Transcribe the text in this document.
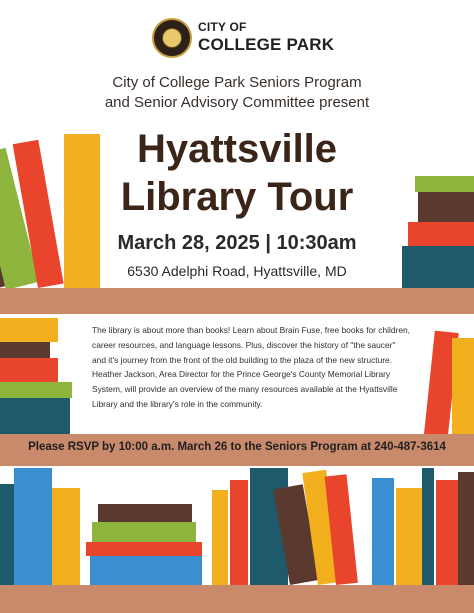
CITY OF
COLLEGE PARK
City of College Park Seniors Program
and Senior Advisory Committee present
Hyattsville
Library Tour
March 28, 2025 | 10:30am
6530 Adelphi Road, Hyattsville, MD
The library is about more than books! Learn about Brain Fuse, free books for children, career resources, and language lessons. Plus, discover the history of "the saucer" and it's journey from the front of the old building to the plaza of the new structure. Heather Jackson, Area Director for the Prince George's County Memorial Library System, will provide an overview of the many resources available at the Hyattsville Library and the library's role in the community.
Please RSVP by 10:00 a.m. March 26 to the Seniors Program at 240-487-3614
